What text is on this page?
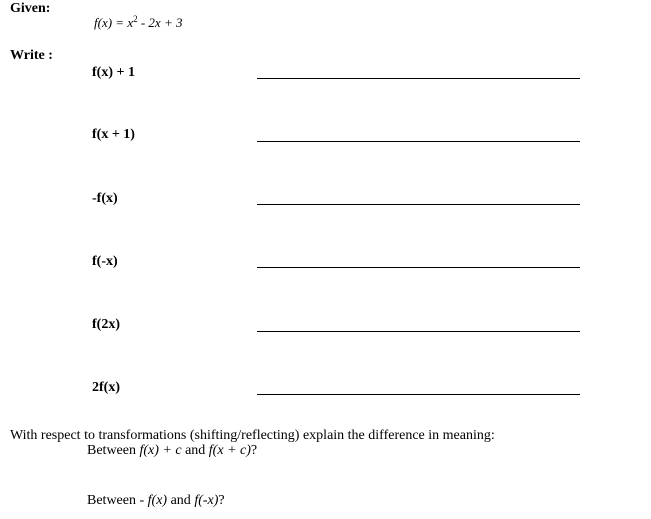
Given:
$f(x) = x^2 - 2x + 3$
Write :
f(x) + 1
f(x + 1)
-f(x)
f(-x)
f(2x)
2f(x)
With respect to transformations (shifting/reflecting) explain the difference in meaning:
Between f(x) + c and f(x + c)?
Between - f(x) and f(-x)?
